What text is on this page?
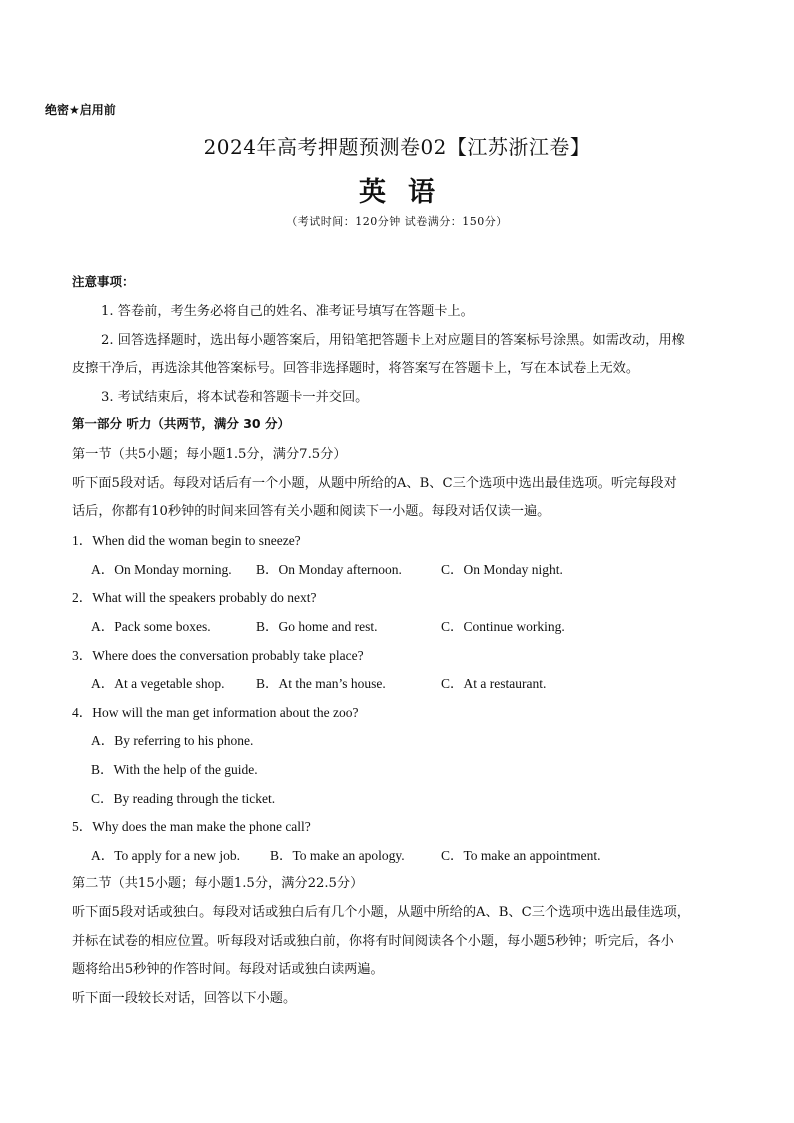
绝密★启用前
2024年高考押题预测卷02【江苏浙江卷】
英语
（考试时间：120分钟 试卷满分：150分）
注意事项：
1. 答卷前，考生务必将自己的姓名、准考证号填写在答题卡上。
2. 回答选择题时，选出每小题答案后，用铅笔把答题卡上对应题目的答案标号涂黑。如需改动，用橡
皮擦干净后，再选涂其他答案标号。回答非选择题时，将答案写在答题卡上，写在本试卷上无效。
3. 考试结束后，将本试卷和答题卡一并交回。
第一部分 听力（共两节，满分 30 分）
第一节（共5小题；每小题1.5分，满分7.5分）
听下面5段对话。每段对话后有一个小题，从题中所给的A、B、C三个选项中选出最佳选项。听完每段对
话后，你都有10秒钟的时间来回答有关小题和阅读下一小题。每段对话仅读一遍。
1．When did the woman begin to sneeze?
A．On Monday morning. B．On Monday afternoon.	C．On Monday night.
2．What will the speakers probably do next?
A．Pack some boxes.	B．Go home and rest.	C．Continue working.
3．Where does the conversation probably take place?
A．At a vegetable shop. B．At the man’s house.	C．At a restaurant.
4．How will the man get information about the zoo?
A．By referring to his phone.
B．With the help of the guide.
C．By reading through the ticket.
5．Why does the man make the phone call?
A．To apply for a new job. B．To make an apology.	C．To make an appointment.
第二节（共15小题；每小题1.5分，满分22.5分）
听下面5段对话或独白。每段对话或独白后有几个小题，从题中所给的A、B、C三个选项中选出最佳选项，
并标在试卷的相应位置。听每段对话或独白前，你将有时间阅读各个小题，每小题5秒钟；听完后，各小
题将给出5秒钟的作答时间。每段对话或独白读两遍。
听下面一段较长对话，回答以下小题。
